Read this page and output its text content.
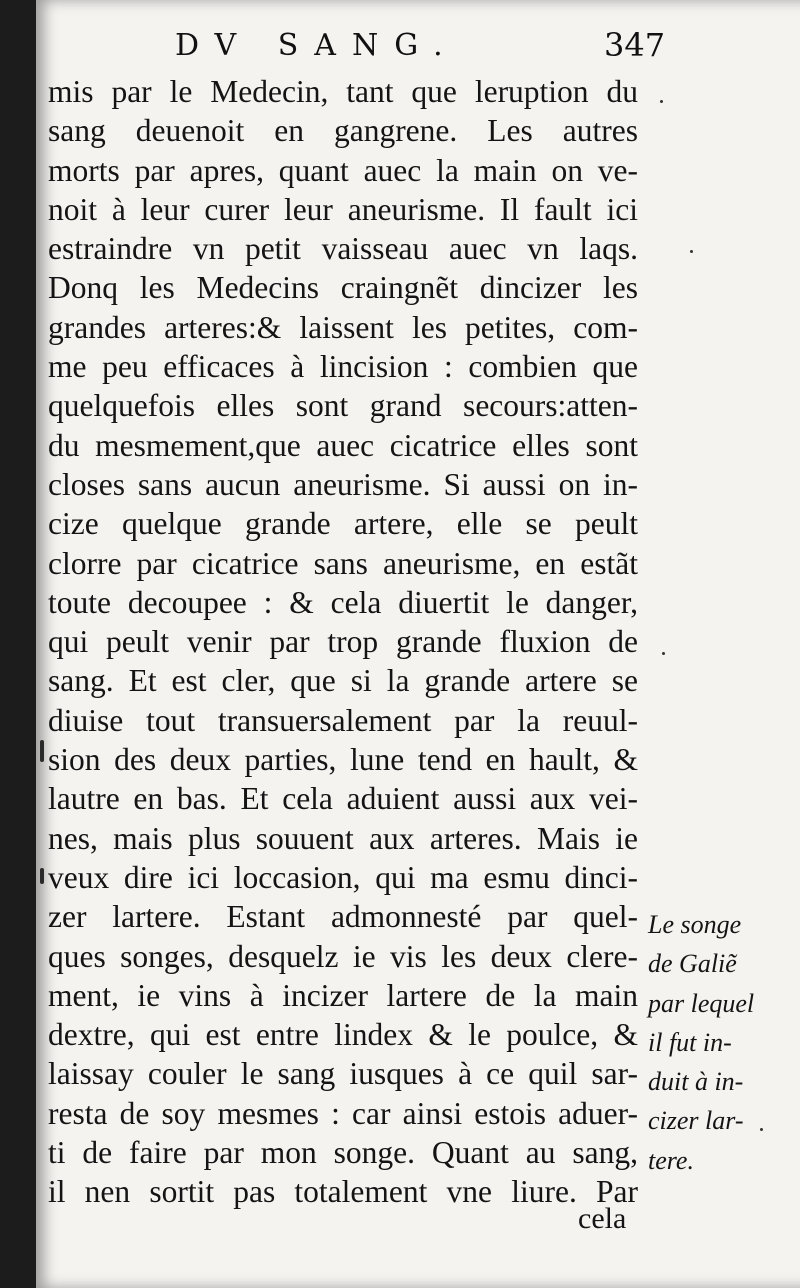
DV SANG.	347
mis par le Medecin, tant que leruption du
sang deuenoit en gangrene. Les autres
morts par apres, quant auec la main on ve-
noit à leur curer leur aneurisme. Il fault ici
estraindre vn petit vaisseau auec vn laqs.
Donq les Medecins craingnẽt dincizer les
grandes arteres:& laissent les petites, com-
me peu efficaces à lincision : combien que
quelquefois elles sont grand secours:atten-
du mesmement,que auec cicatrice elles sont
closes sans aucun aneurisme. Si aussi on in-
cize quelque grande artere, elle se peult
clorre par cicatrice sans aneurisme, en estãt
toute decoupee : & cela diuertit le danger,
qui peult venir par trop grande fluxion de
sang. Et est cler, que si la grande artere se
diuise tout transuersalement par la reuul-
sion des deux parties, lune tend en hault, &
lautre en bas. Et cela aduient aussi aux vei-
nes, mais plus souuent aux arteres. Mais ie
veux dire ici loccasion, qui ma esmu dinci-
zer lartere. Estant admonnesté par quel-
ques songes, desquelz ie vis les deux clere-
ment, ie vins à incizer lartere de la main
dextre, qui est entre lindex & le poulce, &
laissay couler le sang iusques à ce quil sar-
resta de soy mesmes : car ainsi estois aduer-
ti de faire par mon songe. Quant au sang,
il nen sortit pas totalement vne liure. Par
Le songe
de Galiẽ
par lequel
il fut in-
duit à in-
cizer lar-
tere.
cela
